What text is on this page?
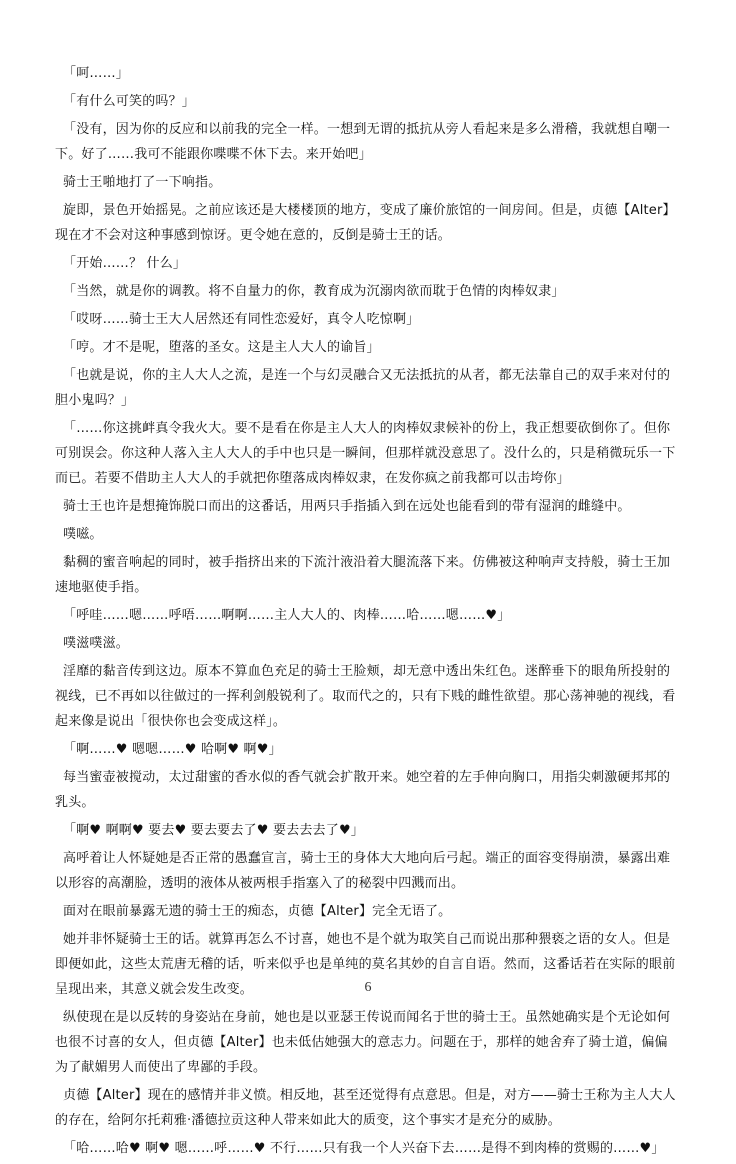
「呵……」

「有什么可笑的吗？」

「没有，因为你的反应和以前我的完全一样。一想到无谓的抵抗从旁人看起来是多么滑稽，我就想自嘲一下。好了……我可不能跟你喋喋不休下去。来开始吧」

骑士王啪地打了一下响指。

旋即，景色开始摇晃。之前应该还是大楼楼顶的地方，变成了廉价旅馆的一间房间。但是，贞德【Alter】现在才不会对这种事感到惊讶。更令她在意的，反倒是骑士王的话。

「开始……？ 什么」

「当然，就是你的调教。将不自量力的你，教育成为沉溺肉欲而耽于色情的肉棒奴隶」

「哎呀……骑士王大人居然还有同性恋爱好，真令人吃惊啊」

「哼。才不是呢，堕落的圣女。这是主人大人的谕旨」

「也就是说，你的主人大人之流，是连一个与幻灵融合又无法抵抗的从者，都无法靠自己的双手来对付的胆小鬼吗？」

「……你这挑衅真令我火大。要不是看在你是主人大人的肉棒奴隶候补的份上，我正想要砍倒你了。但你可别误会。你这种人落入主人大人的手中也只是一瞬间，但那样就没意思了。没什么的，只是稍微玩乐一下而已。若要不借助主人大人的手就把你堕落成肉棒奴隶，在发你疯之前我都可以击垮你」

骑士王也许是想掩饰脱口而出的这番话，用两只手指插入到在远处也能看到的带有湿润的雌缝中。

噗嗞。

黏稠的蜜音响起的同时，被手指挤出来的下流汁液沿着大腿流落下来。仿佛被这种响声支持般，骑士王加速地驱使手指。

「呼哇……嗯……呼唔……啊啊……主人大人的、肉棒……哈……嗯……♥」

噗滋噗滋。

淫靡的黏音传到这边。原本不算血色充足的骑士王脸颊，却无意中透出朱红色。迷醉垂下的眼角所投射的视线，已不再如以往做过的一挥利剑般锐利了。取而代之的，只有下贱的雌性欲望。那心荡神驰的视线，看起来像是说出「很快你也会变成这样」。

「啊……♥ 嗯嗯……♥ 哈啊♥ 啊♥」

每当蜜壶被搅动，太过甜蜜的香水似的香气就会扩散开来。她空着的左手伸向胸口，用指尖刺激硬邦邦的乳头。

「啊♥ 啊啊♥ 要去♥ 要去要去了♥ 要去去去了♥」

高呼着让人怀疑她是否正常的愚蠢宣言，骑士王的身体大大地向后弓起。端正的面容变得崩溃，暴露出难以形容的高潮脸，透明的液体从被两根手指塞入了的秘裂中四溅而出。

面对在眼前暴露无遗的骑士王的痴态，贞德【Alter】完全无语了。

她并非怀疑骑士王的话。就算再怎么不讨喜，她也不是个就为取笑自己而说出那种猥亵之语的女人。但是即便如此，这些太荒唐无稽的话，听来似乎也是单纯的莫名其妙的自言自语。然而，这番话若在实际的眼前呈现出来，其意义就会发生改变。

纵使现在是以反转的身姿站在身前，她也是以亚瑟王传说而闻名于世的骑士王。虽然她确实是个无论如何也很不讨喜的女人，但贞德【Alter】也未低估她强大的意志力。问题在于，那样的她舍弃了骑士道，偏偏为了献媚男人而使出了卑鄙的手段。

贞德【Alter】现在的感情并非义愤。相反地，甚至还觉得有点意思。但是，对方——骑士王称为主人大人的存在，给阿尔托莉雅·潘德拉贡这种人带来如此大的质变，这个事实才是充分的威胁。

「哈……哈♥ 啊♥ 嗯……呼……♥ 不行……只有我一个人兴奋下去……是得不到肉棒的赏赐的……♥」

6
